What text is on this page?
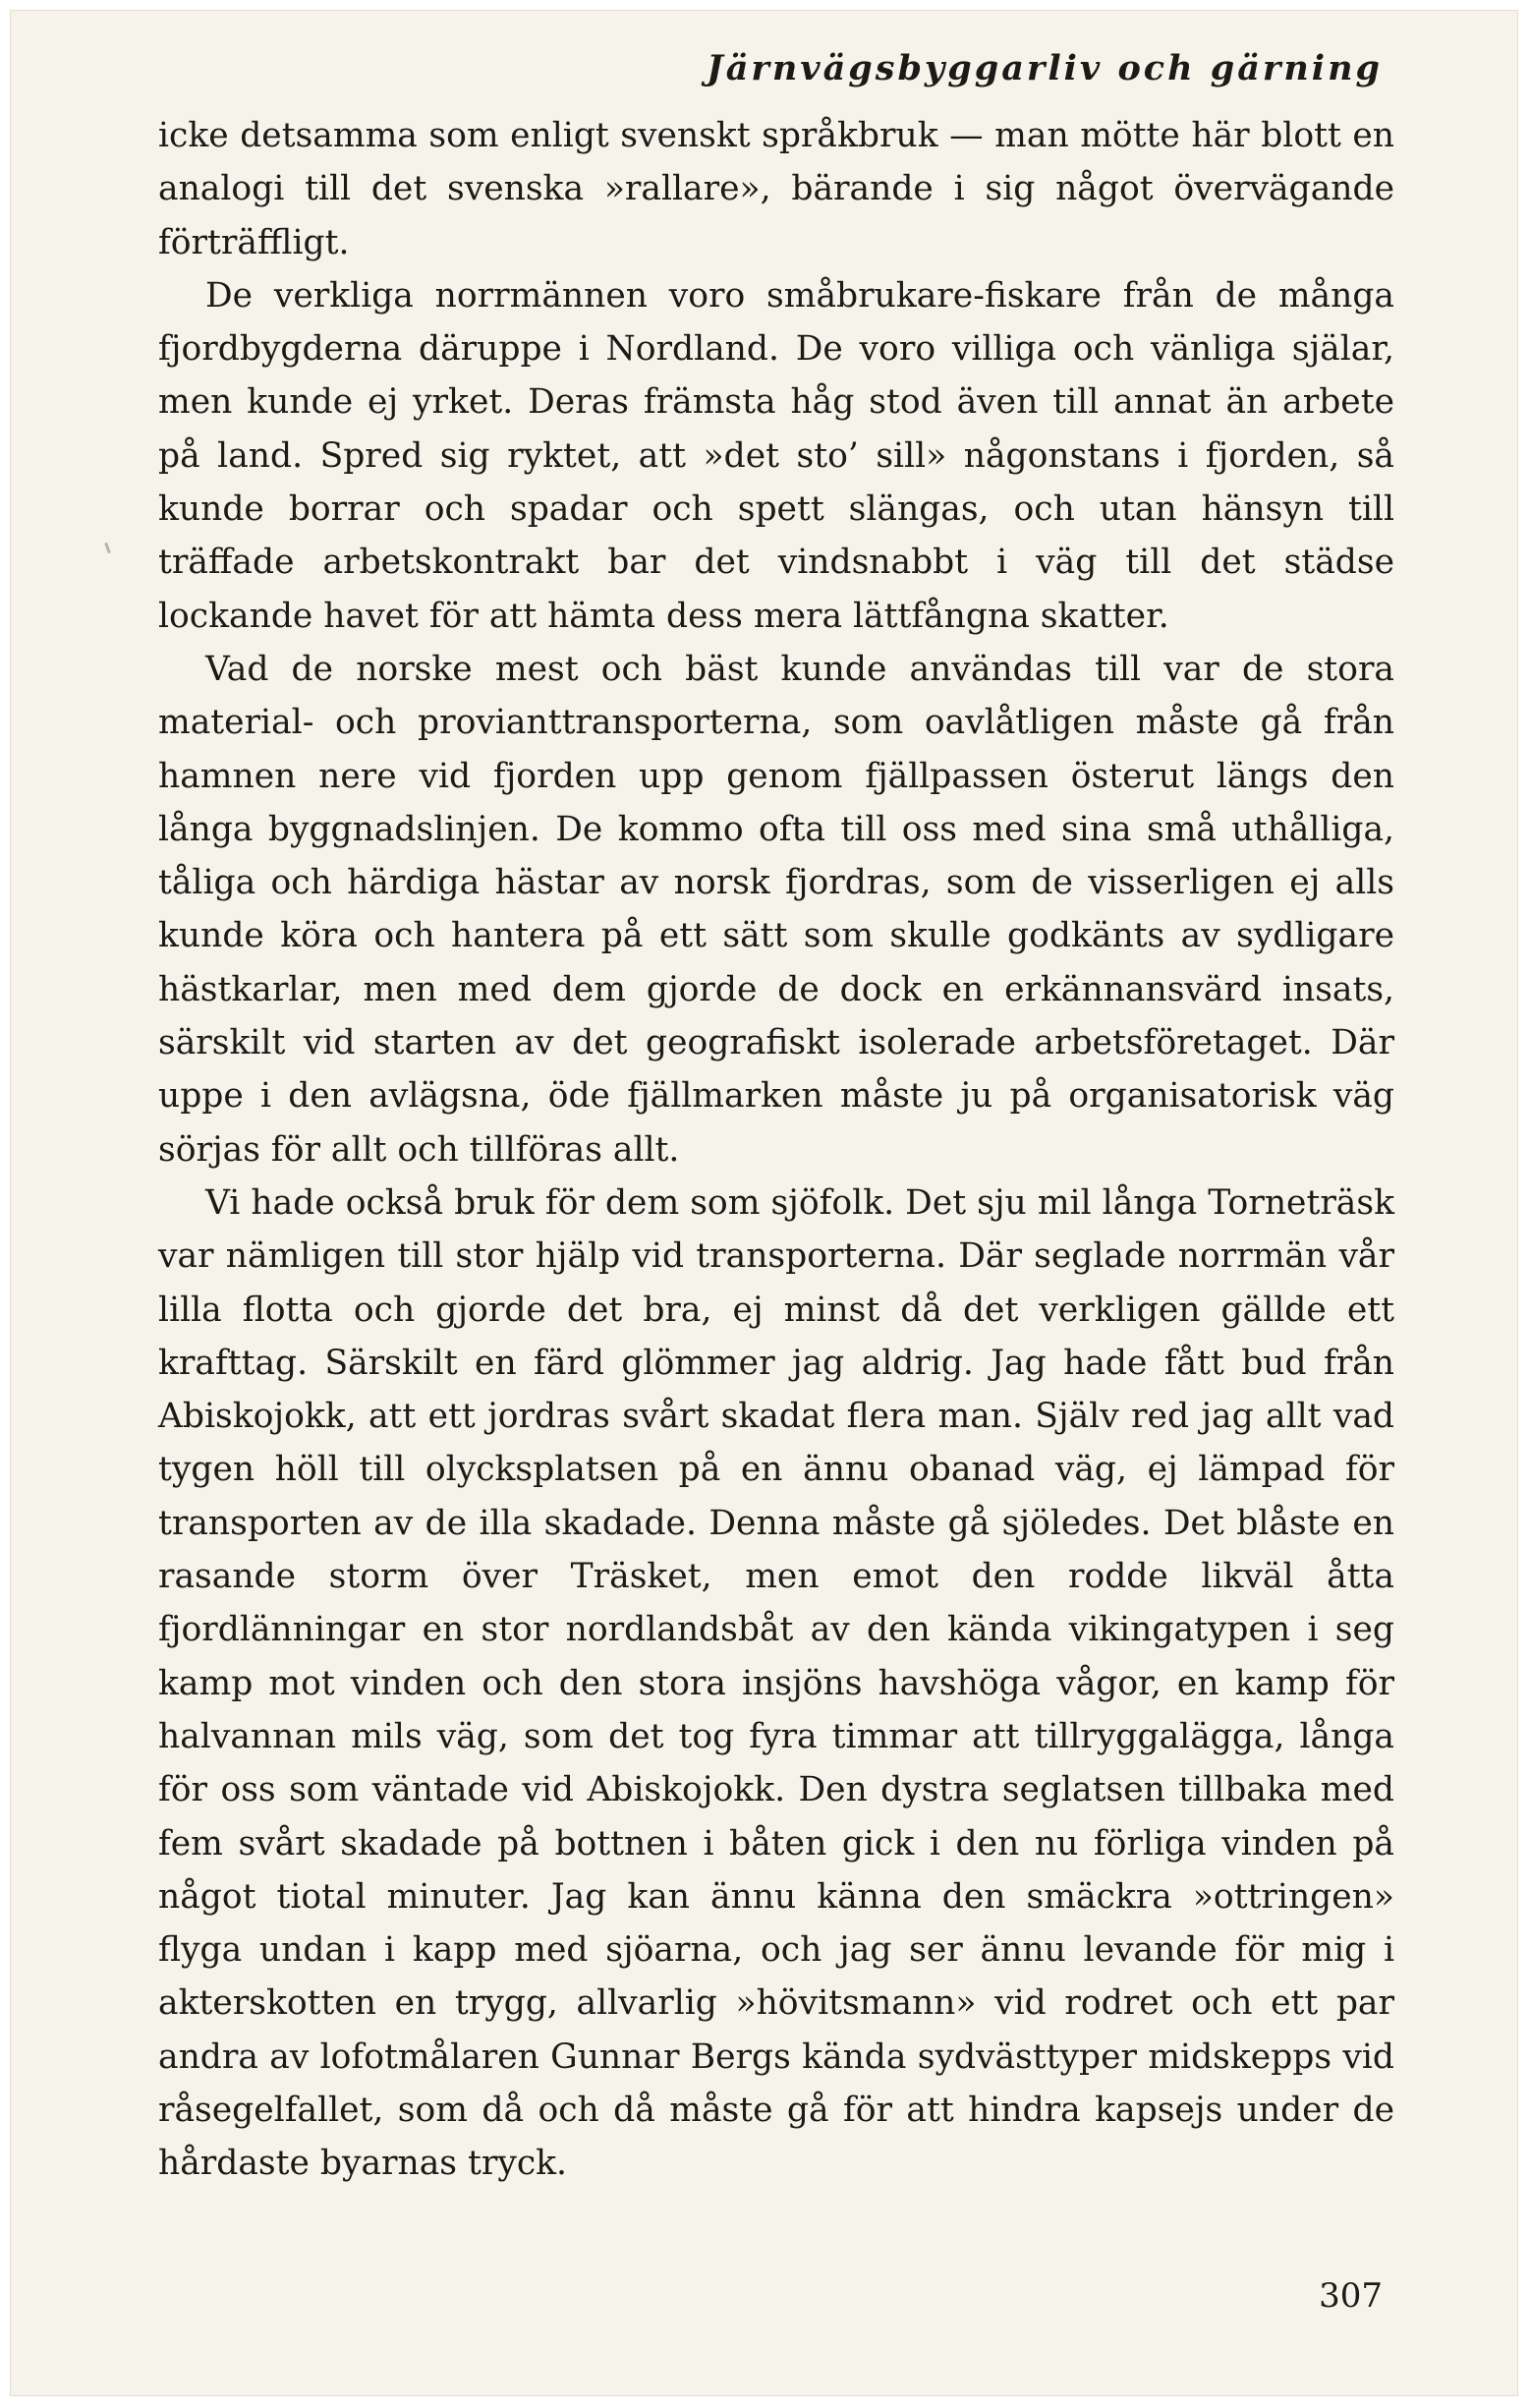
Järnvägsbyggarliv och gärning

icke detsamma som enligt svenskt språkbruk — man mötte här blott en analogi till det svenska »rallare», bärande i sig något övervägande förträffligt.

De verkliga norrmännen voro småbrukare-fiskare från de många fjordbygderna däruppe i Nordland. De voro villiga och vänliga själar, men kunde ej yrket. Deras främsta håg stod även till annat än arbete på land. Spred sig ryktet, att »det sto’ sill» någonstans i fjorden, så kunde borrar och spadar och spett slängas, och utan hänsyn till träffade arbetskontrakt bar det vindsnabbt i väg till det städse lockande havet för att hämta dess mera lättfångna skatter.

Vad de norske mest och bäst kunde användas till var de stora material- och provianttransporterna, som oavlåtligen måste gå från hamnen nere vid fjorden upp genom fjällpassen österut längs den långa byggnadslinjen. De kommo ofta till oss med sina små uthålliga, tåliga och härdiga hästar av norsk fjordras, som de visserligen ej alls kunde köra och hantera på ett sätt som skulle godkänts av sydligare hästkarlar, men med dem gjorde de dock en erkännansvärd insats, särskilt vid starten av det geografiskt isolerade arbetsföretaget. Där uppe i den avlägsna, öde fjällmarken måste ju på organisatorisk väg sörjas för allt och tillföras allt.

Vi hade också bruk för dem som sjöfolk. Det sju mil långa Torneträsk var nämligen till stor hjälp vid transporterna. Där seglade norrmän vår lilla flotta och gjorde det bra, ej minst då det verkligen gällde ett krafttag. Särskilt en färd glömmer jag aldrig. Jag hade fått bud från Abiskojokk, att ett jordras svårt skadat flera man. Själv red jag allt vad tygen höll till olycksplatsen på en ännu obanad väg, ej lämpad för transporten av de illa skadade. Denna måste gå sjöledes. Det blåste en rasande storm över Träsket, men emot den rodde likväl åtta fjordlänningar en stor nordlandsbåt av den kända vikingatypen i seg kamp mot vinden och den stora insjöns havshöga vågor, en kamp för halvannan mils väg, som det tog fyra timmar att tillryggalägga, långa för oss som väntade vid Abiskojokk. Den dystra seglatsen tillbaka med fem svårt skadade på bottnen i båten gick i den nu förliga vinden på något tiotal minuter. Jag kan ännu känna den smäckra »ottringen» flyga undan i kapp med sjöarna, och jag ser ännu levande för mig i akterskotten en trygg, allvarlig »hövitsmann» vid rodret och ett par andra av lofotmålaren Gunnar Bergs kända sydvästtyper midskepps vid råsegelfallet, som då och då måste gå för att hindra kapsejs under de hårdaste byarnas tryck.

307
